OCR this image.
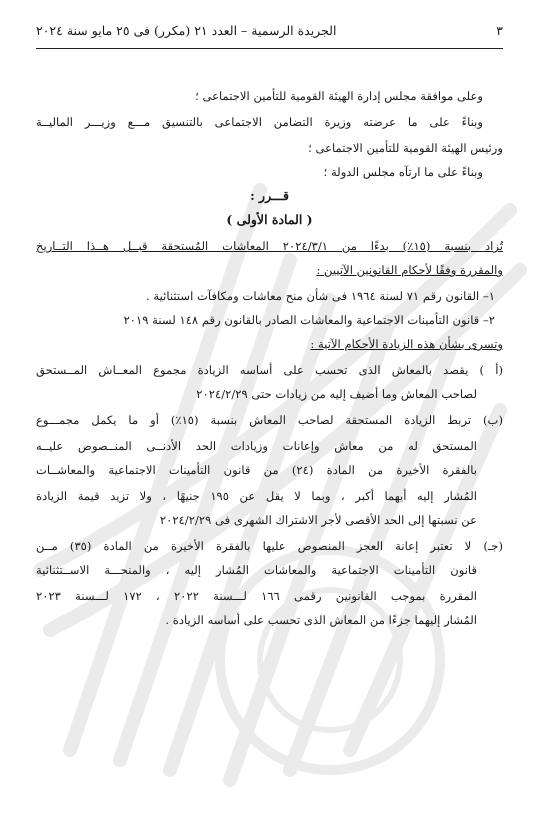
٣
الجريدة الرسمية – العدد ٢١ (مكرر) فى ٢٥ مايو سنة ٢٠٢٤
وعلى موافقة مجلس إدارة الهيئة القومية للتأمين الاجتماعى ؛
وبناءً على ما عرضته وزيرة التضامن الاجتماعى بالتنسيق مـــع وزيـــر الماليــة
ورئيس الهيئة القومية للتأمين الاجتماعى ؛
وبناءً على ما ارتآه مجلس الدولة ؛
قـــرر :
( المادة الأولى )
تُزاد بنسبة (١٥٪) بدءًا من ٢٠٢٤/٣/١ المعاشات المُستحقة قبــل هــذا التــاريخ
والمقررة وفقًا لأحكام القانونين الآتيين :
١– القانون رقم ٧١ لسنة ١٩٦٤ فى شأن منح معاشات ومكافآت استثنائية .
٢– قانون التأمينات الاجتماعية والمعاشات الصادر بالقانون رقم ١٤٨ لسنة ٢٠١٩
وتسرى بشأن هذه الزيادة الأحكام الآتية :
(أ ) يقصد بالمعاش الذى تحسب على أساسه الزيادة مجموع المعــاش المــستحق
لصاحب المعاش وما أضيف إليه من زيادات حتى ٢٠٢٤/٢/٢٩
(ب) تربط الزيادة المستحقة لصاحب المعاش بنسبة (١٥٪) أو ما يكمل مجمـــوع
المستحق له من معاش وإعانات وزيادات الحد الأدنــى المنــصوص عليــه
بالفقرة الأخيرة من المادة (٢٤) من قانون التأمينات الاجتماعية والمعاشــات
المُشار إليه أيهما أكبر ، وبما لا يقل عن ١٩٥ جنيهًا ، ولا تزيد قيمة الزيادة
عن نسبتها إلى الحد الأقصى لأجر الاشتراك الشهرى فى ٢٠٢٤/٢/٢٩
(جـ) لا تعتبر إعانة العجز المنصوص عليها بالفقرة الأخيرة من المادة (٣٥) مــن
قانون التأمينات الاجتماعية والمعاشات المُشار إليه ، والمنحـــة الاســتثنائية
المقررة بموجب القانونين رقمى ١٦٦ لـــسنة ٢٠٢٢ ، ١٧٢ لـــسنة ٢٠٢٣
المُشار إليهما جزءًا من المعاش الذى تحسب على أساسه الزيادة .
